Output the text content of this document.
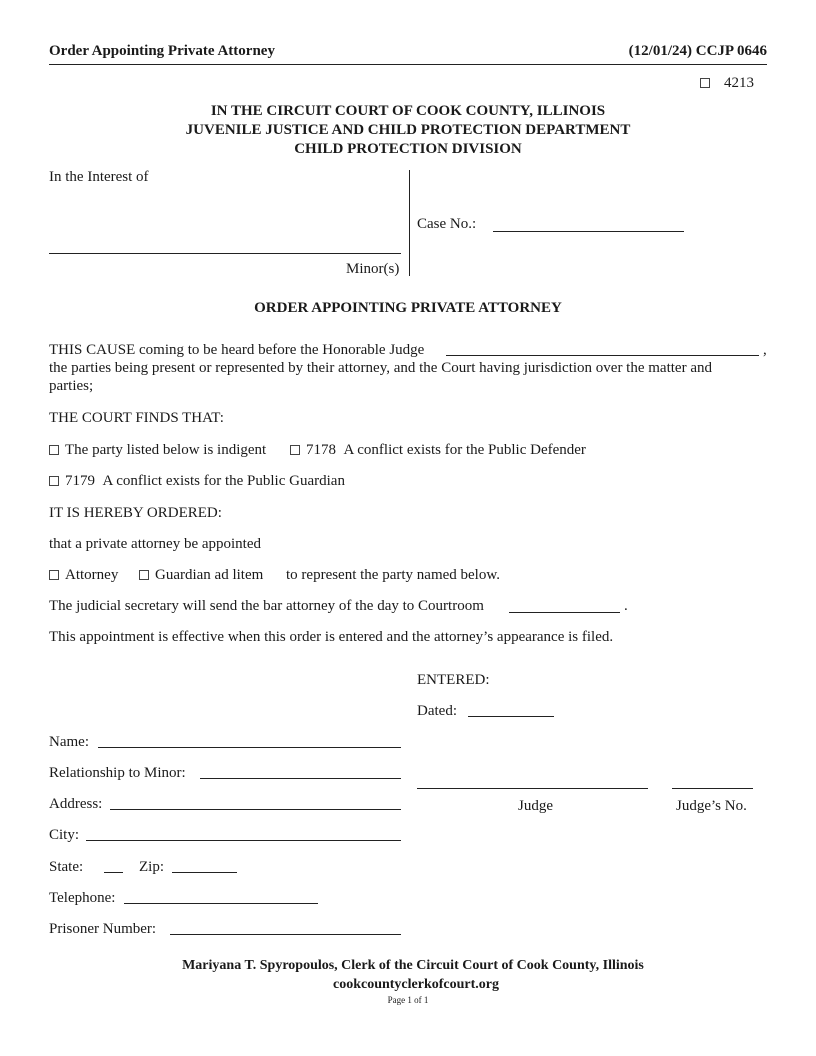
Order Appointing Private Attorney	(12/01/24) CCJP 0646
4213
IN THE CIRCUIT COURT OF COOK COUNTY, ILLINOIS
JUVENILE JUSTICE AND CHILD PROTECTION DEPARTMENT
CHILD PROTECTION DIVISION
In the Interest of
Minor(s)
Case No.:
ORDER APPOINTING PRIVATE ATTORNEY
THIS CAUSE coming to be heard before the Honorable Judge	,
the parties being present or represented by their attorney, and the Court having jurisdiction over the matter and
parties;
THE COURT FINDS THAT:
The party listed below is indigent	7178 A conflict exists for the Public Defender
7179 A conflict exists for the Public Guardian
IT IS HEREBY ORDERED:
that a private attorney be appointed
Attorney	Guardian ad litem to represent the party named below.
The judicial secretary will send the bar attorney of the day to Courtroom	.
This appointment is effective when this order is entered and the attorney’s appearance is filed.
ENTERED:
Dated:
Judge	Judge’s No.
Name:
Relationship to Minor:
Address:
City:
State:	Zip:
Telephone:
Prisoner Number:
Mariyana T. Spyropoulos, Clerk of the Circuit Court of Cook County, Illinois
cookcountyclerkofcourt.org
Page 1 of 1
